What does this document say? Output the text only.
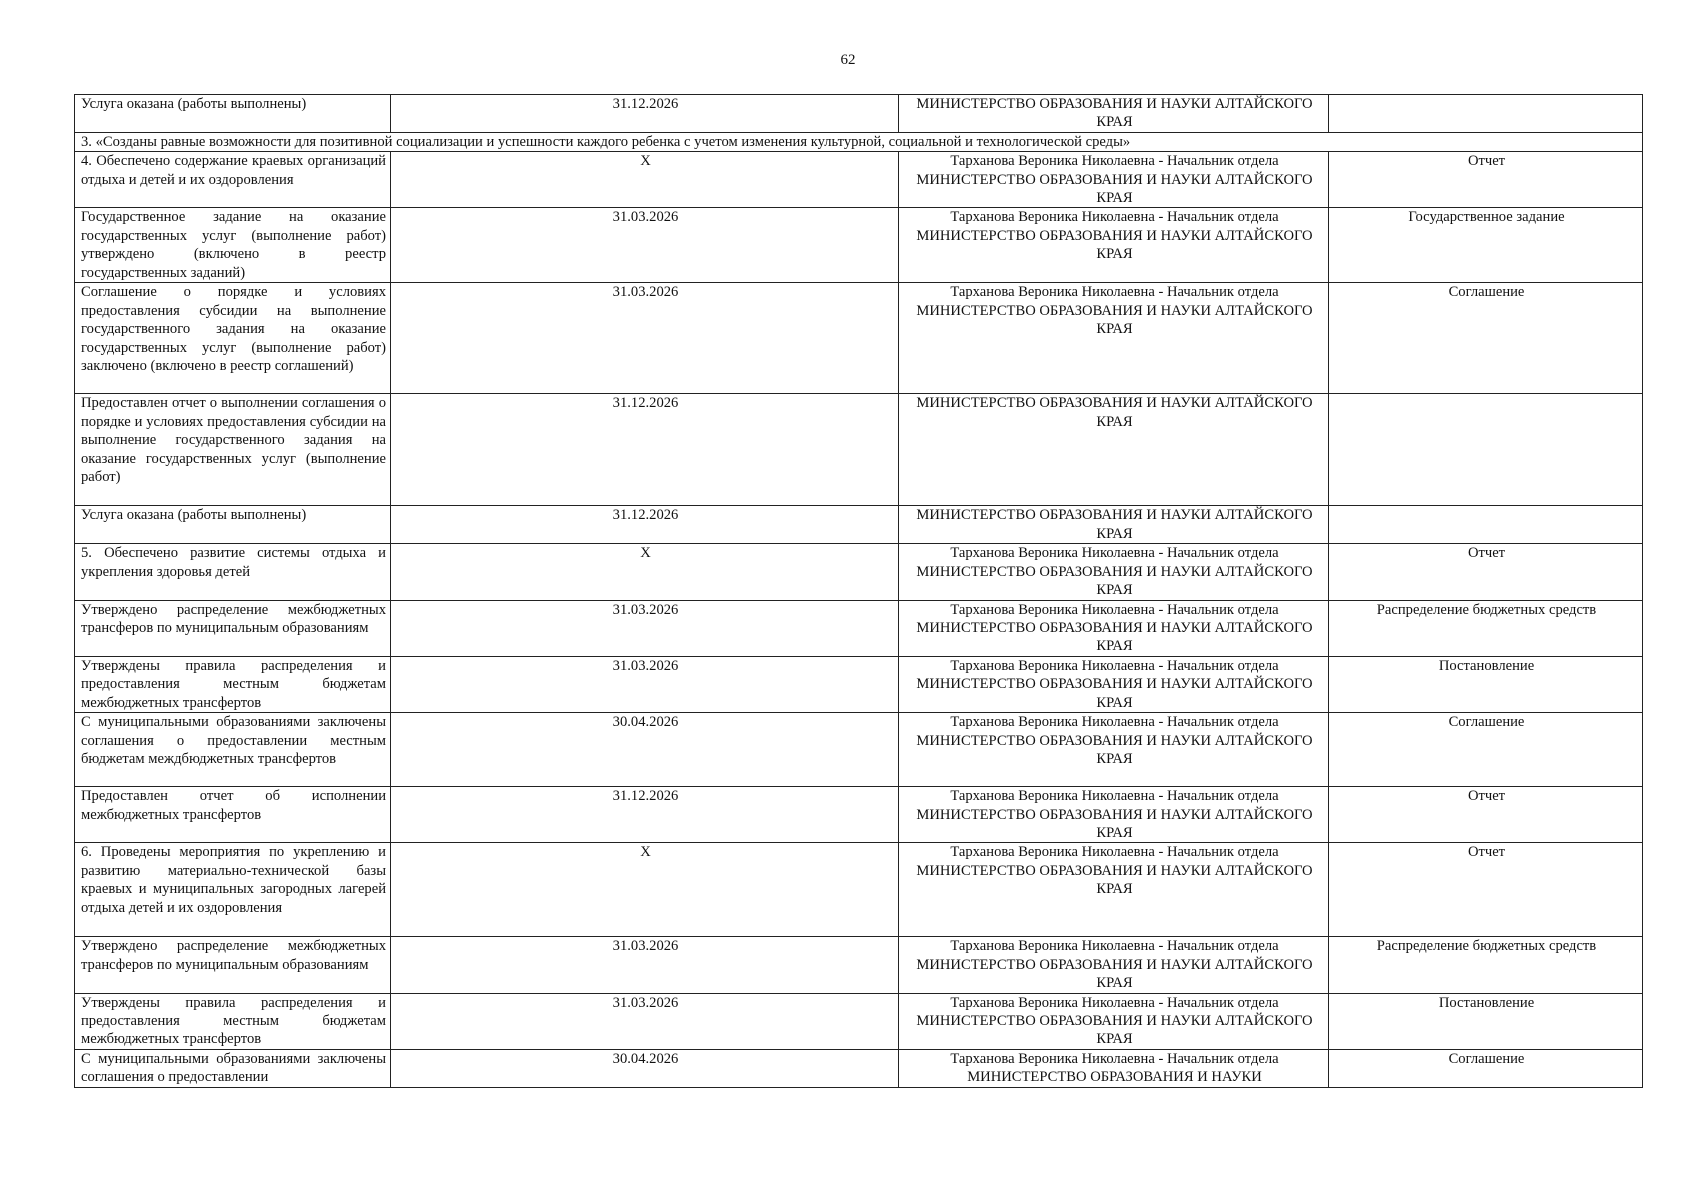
62
Услуга оказана (работы выполнены)	31.12.2026	МИНИСТЕРСТВО ОБРАЗОВАНИЯ И НАУКИ АЛТАЙСКОГО КРАЯ	
3. «Созданы равные возможности для позитивной социализации и успешности каждого ребенка с учетом изменения культурной, социальной и технологической среды»			
4. Обеспечено содержание краевых организаций отдыха и детей и их оздоровления	X	Тарханова Вероника Николаевна - Начальник отдела МИНИСТЕРСТВО ОБРАЗОВАНИЯ И НАУКИ АЛТАЙСКОГО КРАЯ	Отчет
Государственное задание на оказание государственных услуг (выполнение работ) утверждено (включено в реестр государственных заданий)	31.03.2026	Тарханова Вероника Николаевна - Начальник отдела МИНИСТЕРСТВО ОБРАЗОВАНИЯ И НАУКИ АЛТАЙСКОГО КРАЯ	Государственное задание
Соглашение о порядке и условиях предоставления субсидии на выполнение государственного задания на оказание государственных услуг (выполнение работ) заключено (включено в реестр соглашений)	31.03.2026	Тарханова Вероника Николаевна - Начальник отдела МИНИСТЕРСТВО ОБРАЗОВАНИЯ И НАУКИ АЛТАЙСКОГО КРАЯ	Соглашение
Предоставлен отчет о выполнении соглашения о порядке и условиях предоставления субсидии на выполнение государственного задания на оказание государственных услуг (выполнение работ)	31.12.2026	МИНИСТЕРСТВО ОБРАЗОВАНИЯ И НАУКИ АЛТАЙСКОГО КРАЯ	
Услуга оказана (работы выполнены)	31.12.2026	МИНИСТЕРСТВО ОБРАЗОВАНИЯ И НАУКИ АЛТАЙСКОГО КРАЯ	
5. Обеспечено развитие системы отдыха и укрепления здоровья детей	X	Тарханова Вероника Николаевна - Начальник отдела МИНИСТЕРСТВО ОБРАЗОВАНИЯ И НАУКИ АЛТАЙСКОГО КРАЯ	Отчет
Утверждено распределение межбюджетных трансферов по муниципальным образованиям	31.03.2026	Тарханова Вероника Николаевна - Начальник отдела МИНИСТЕРСТВО ОБРАЗОВАНИЯ И НАУКИ АЛТАЙСКОГО КРАЯ	Распределение бюджетных средств
Утверждены правила распределения и предоставления местным бюджетам межбюджетных трансфертов	31.03.2026	Тарханова Вероника Николаевна - Начальник отдела МИНИСТЕРСТВО ОБРАЗОВАНИЯ И НАУКИ АЛТАЙСКОГО КРАЯ	Постановление
С муниципальными образованиями заключены соглашения о предоставлении местным бюджетам междбюджетных трансфертов	30.04.2026	Тарханова Вероника Николаевна - Начальник отдела МИНИСТЕРСТВО ОБРАЗОВАНИЯ И НАУКИ АЛТАЙСКОГО КРАЯ	Соглашение
Предоставлен отчет об исполнении межбюджетных трансфертов	31.12.2026	Тарханова Вероника Николаевна - Начальник отдела МИНИСТЕРСТВО ОБРАЗОВАНИЯ И НАУКИ АЛТАЙСКОГО КРАЯ	Отчет
6. Проведены мероприятия по укреплению и развитию материально-технической базы краевых и муниципальных загородных лагерей отдыха детей и их оздоровления	X	Тарханова Вероника Николаевна - Начальник отдела МИНИСТЕРСТВО ОБРАЗОВАНИЯ И НАУКИ АЛТАЙСКОГО КРАЯ	Отчет
Утверждено распределение межбюджетных трансферов по муниципальным образованиям	31.03.2026	Тарханова Вероника Николаевна - Начальник отдела МИНИСТЕРСТВО ОБРАЗОВАНИЯ И НАУКИ АЛТАЙСКОГО КРАЯ	Распределение бюджетных средств
Утверждены правила распределения и предоставления местным бюджетам межбюджетных трансфертов	31.03.2026	Тарханова Вероника Николаевна - Начальник отдела МИНИСТЕРСТВО ОБРАЗОВАНИЯ И НАУКИ АЛТАЙСКОГО КРАЯ	Постановление
С муниципальными образованиями заключены соглашения о предоставлении	30.04.2026	Тарханова Вероника Николаевна - Начальник отдела МИНИСТЕРСТВО ОБРАЗОВАНИЯ И НАУКИ	Соглашение
